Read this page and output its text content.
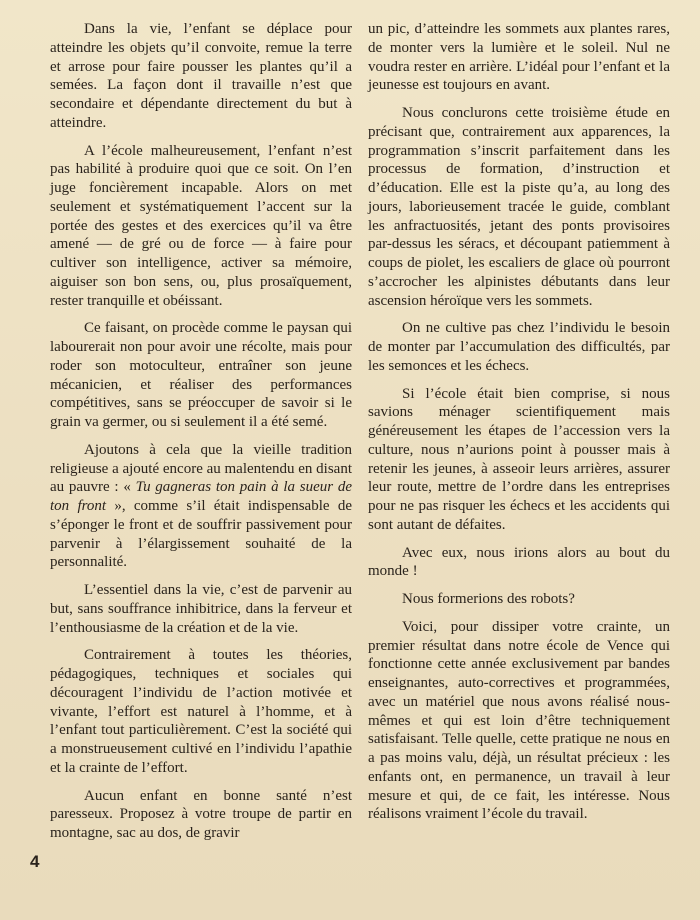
Dans la vie, l’enfant se déplace pour atteindre les objets qu’il convoite, remue la terre et arrose pour faire pousser les plantes qu’il a semées. La façon dont il travaille n’est que secondaire et dépendante directement du but à atteindre.

A l’école malheureusement, l’enfant n’est pas habilité à produire quoi que ce soit. On l’en juge foncièrement incapable. Alors on met seulement et systématiquement l’accent sur la portée des gestes et des exercices qu’il va être amené — de gré ou de force — à faire pour cultiver son intelligence, activer sa mémoire, aiguiser son bon sens, ou, plus prosaïquement, rester tranquille et obéissant.

Ce faisant, on procède comme le paysan qui labourerait non pour avoir une récolte, mais pour roder son motoculteur, entraîner son jeune mécanicien, et réaliser des performances compétitives, sans se préoccuper de savoir si le grain va germer, ou si seulement il a été semé.

Ajoutons à cela que la vieille tradition religieuse a ajouté encore au malentendu en disant au pauvre : « Tu gagneras ton pain à la sueur de ton front », comme s’il était indispensable de s’éponger le front et de souffrir passivement pour parvenir à l’élargissement souhaité de la personnalité.

L’essentiel dans la vie, c’est de parvenir au but, sans souffrance inhibitrice, dans la ferveur et l’enthousiasme de la création et de la vie.

Contrairement à toutes les théories, pédagogiques, techniques et sociales qui découragent l’individu de l’action motivée et vivante, l’effort est naturel à l’homme, et à l’enfant tout particulièrement. C’est la société qui a monstrueusement cultivé en l’individu l’apathie et la crainte de l’effort.

Aucun enfant en bonne santé n’est paresseux. Proposez à votre troupe de partir en montagne, sac au dos, de gravir

un pic, d’atteindre les sommets aux plantes rares, de monter vers la lumière et le soleil. Nul ne voudra rester en arrière. L’idéal pour l’enfant et la jeunesse est toujours en avant.

Nous conclurons cette troisième étude en précisant que, contrairement aux apparences, la programmation s’inscrit parfaitement dans les processus de formation, d’instruction et d’éducation. Elle est la piste qu’a, au long des jours, laborieusement tracée le guide, comblant les anfractuosités, jetant des ponts provisoires par-dessus les séracs, et découpant patiemment à coups de piolet, les escaliers de glace où pourront s’accrocher les alpinistes débutants dans leur ascension héroïque vers les sommets.

On ne cultive pas chez l’individu le besoin de monter par l’accumulation des difficultés, par les semonces et les échecs.

Si l’école était bien comprise, si nous savions ménager scientifiquement mais généreusement les étapes de l’accession vers la culture, nous n’aurions point à pousser mais à retenir les jeunes, à asseoir leurs arrières, assurer leur route, mettre de l’ordre dans les entreprises pour ne pas risquer les échecs et les accidents qui sont autant de défaites.

Avec eux, nous irions alors au bout du monde !

Nous formerions des robots?

Voici, pour dissiper votre crainte, un premier résultat dans notre école de Vence qui fonctionne cette année exclusivement par bandes enseignantes, auto-correctives et programmées, avec un matériel que nous avons réalisé nous-mêmes et qui est loin d’être techniquement satisfaisant. Telle quelle, cette pratique ne nous en a pas moins valu, déjà, un résultat précieux : les enfants ont, en permanence, un travail à leur mesure et qui, de ce fait, les intéresse. Nous réalisons vraiment l’école du travail.

4
